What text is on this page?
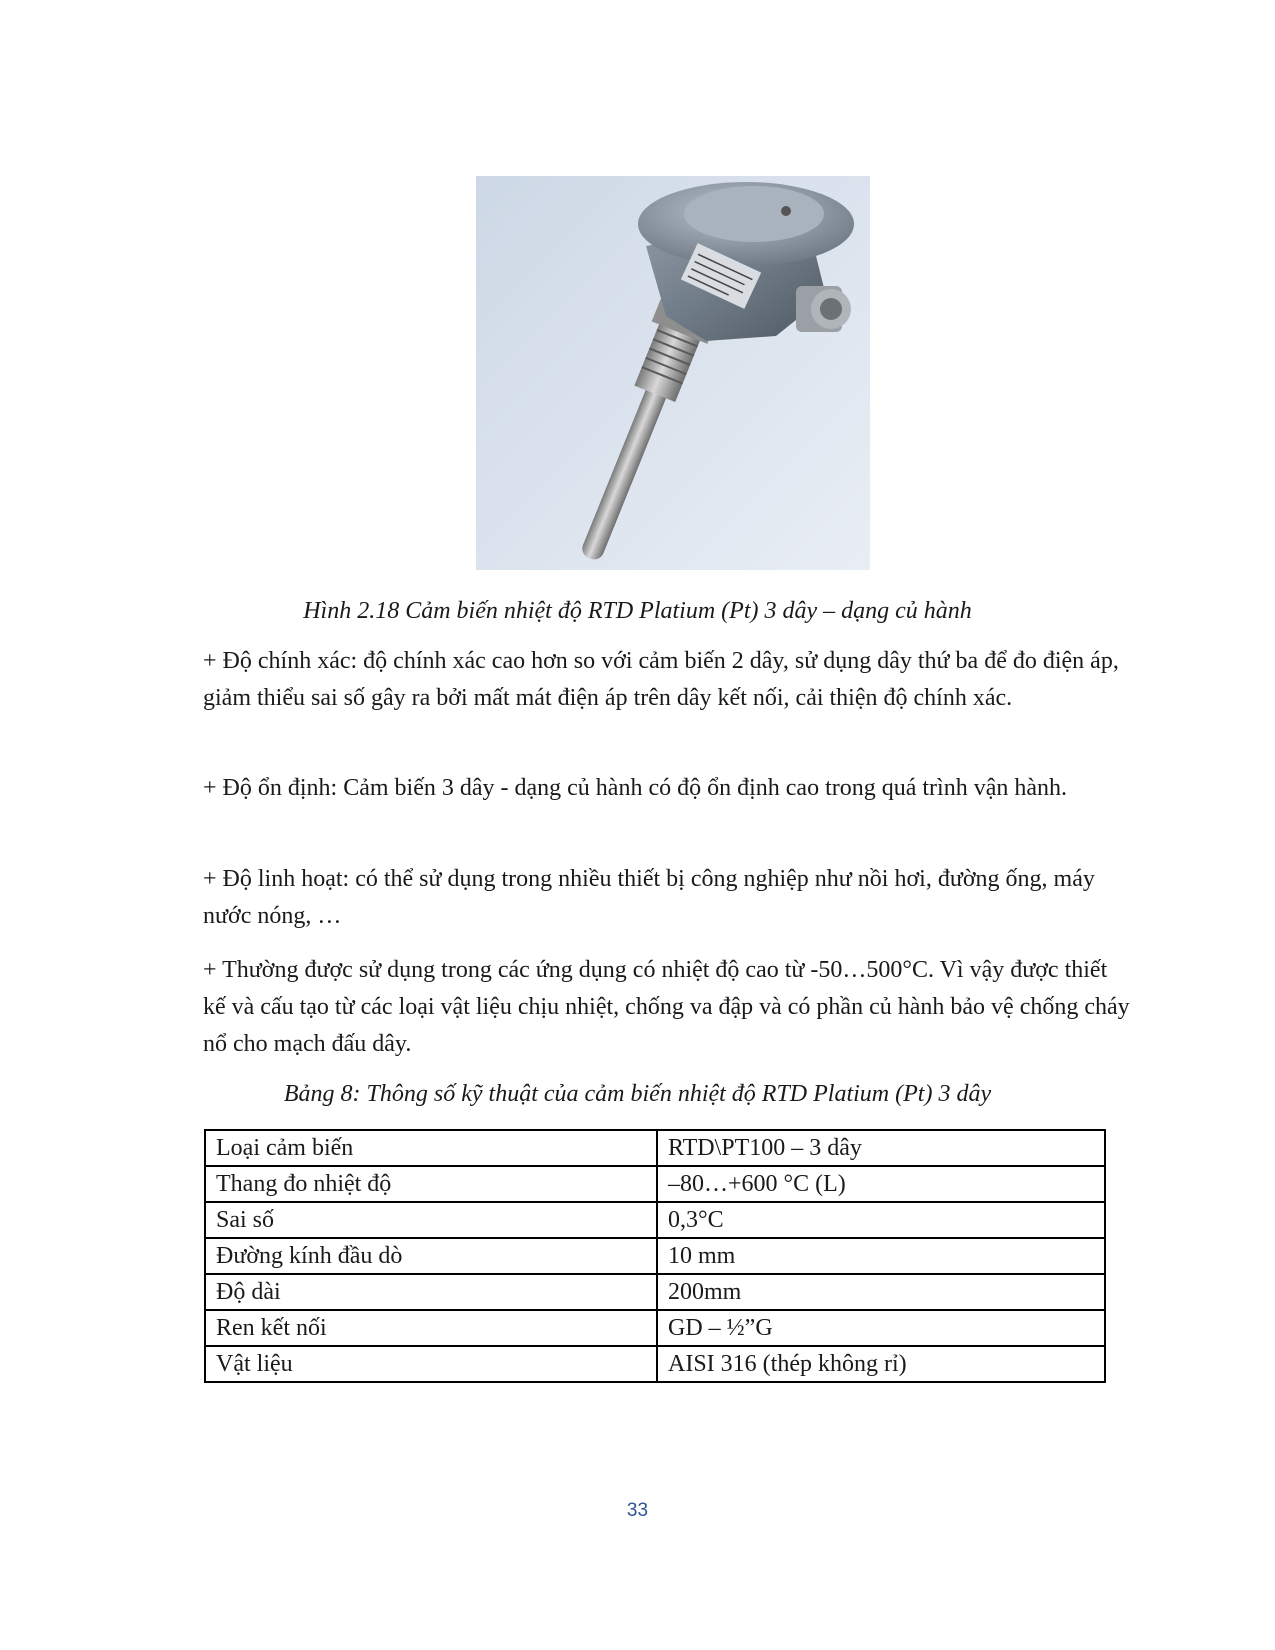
Hình 2.18 Cảm biến nhiệt độ RTD Platium (Pt) 3 dây – dạng củ hành

+ Độ chính xác: độ chính xác cao hơn so với cảm biến 2 dây, sử dụng dây thứ ba để đo điện áp, giảm thiểu sai số gây ra bởi mất mát điện áp trên dây kết nối, cải thiện độ chính xác.

+ Độ ổn định: Cảm biến 3 dây - dạng củ hành có độ ổn định cao trong quá trình vận hành.

+ Độ linh hoạt: có thể sử dụng trong nhiều thiết bị công nghiệp như nồi hơi, đường ống, máy nước nóng, …

+ Thường được sử dụng trong các ứng dụng có nhiệt độ cao từ -50…500°C. Vì vậy được thiết kế và cấu tạo từ các loại vật liệu chịu nhiệt, chống va đập và có phần củ hành bảo vệ chống cháy nổ cho mạch đấu dây.

Bảng 8: Thông số kỹ thuật của cảm biến nhiệt độ RTD Platium (Pt) 3 dây
Loại cảm biến	RTD\PT100 – 3 dây
Thang đo nhiệt độ	–80…+600 °C (L)
Sai số	0,3°C
Đường kính đầu dò	10 mm
Độ dài	200mm
Ren kết nối	GD – ½”G
Vật liệu	AISI 316 (thép không rỉ)
33
